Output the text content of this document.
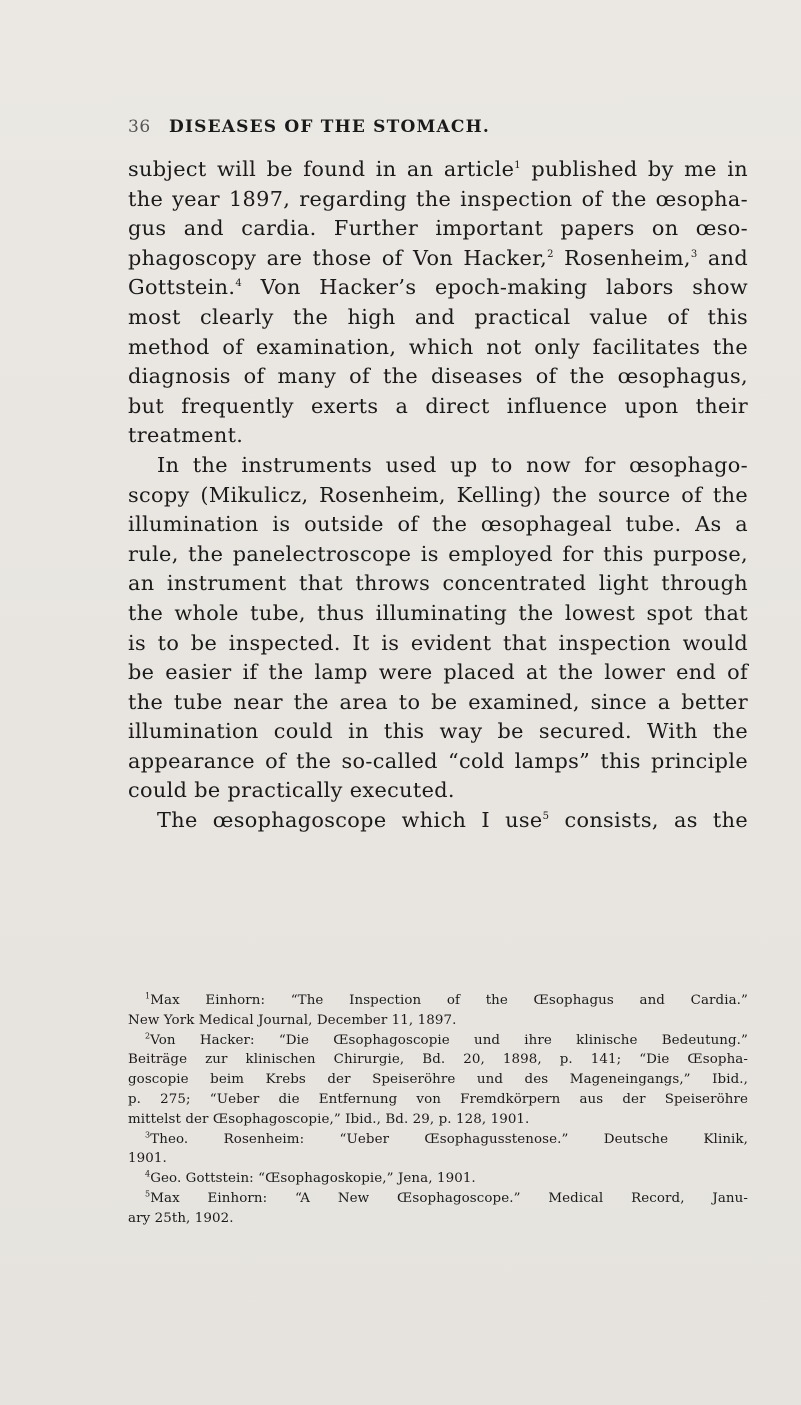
36 DISEASES OF THE STOMACH.
subject will be found in an article$^1$ published by me in
the year 1897, regarding the inspection of the œsopha-
gus and cardia. Further important papers on œso-
phagoscopy are those of Von Hacker,$^2$ Rosenheim,$^3$ and
Gottstein.$^4$ Von Hacker’s epoch-making labors show
most clearly the high and practical value of this
method of examination, which not only facilitates the
diagnosis of many of the diseases of the œsophagus,
but frequently exerts a direct influence upon their
treatment.
In the instruments used up to now for œsophago-
scopy (Mikulicz, Rosenheim, Kelling) the source of the
illumination is outside of the œsophageal tube. As a
rule, the panelectroscope is employed for this purpose,
an instrument that throws concentrated light through
the whole tube, thus illuminating the lowest spot that
is to be inspected. It is evident that inspection would
be easier if the lamp were placed at the lower end of
the tube near the area to be examined, since a better
illumination could in this way be secured. With the
appearance of the so-called “cold lamps” this principle
could be practically executed.
The œsophagoscope which I use$^5$ consists, as the
$^1$Max Einhorn: “The Inspection of the Œsophagus and Cardia.”
New York Medical Journal, December 11, 1897.
$^2$Von Hacker: “Die Œsophagoscopie und ihre klinische Bedeutung.”
Beiträge zur klinischen Chirurgie, Bd. 20, 1898, p. 141; “Die Œsopha-
goscopie beim Krebs der Speiseröhre und des Mageneingangs,” Ibid.,
p. 275; “Ueber die Entfernung von Fremdkörpern aus der Speiseröhre
mittelst der Œsophagoscopie,” Ibid., Bd. 29, p. 128, 1901.
$^3$Theo. Rosenheim: “Ueber Œsophagusstenose.” Deutsche Klinik,
1901.
$^4$Geo. Gottstein: “Œsophagoskopie,” Jena, 1901.
$^5$Max Einhorn: “A New Œsophagoscope.” Medical Record, Janu-
ary 25th, 1902.
